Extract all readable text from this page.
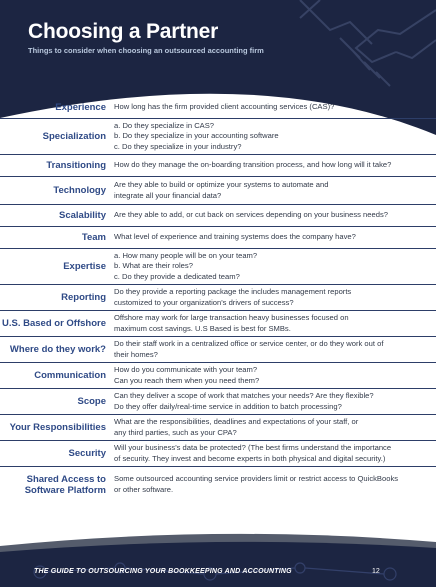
Choosing a Partner
Things to consider when choosing an outsourced accounting firm
Experience How long has the firm provided client accounting services (CAS)?
Specialization
a. Do they specialize in CAS?
b. Do they specialize in your accounting software
c. Do they specialize in your industry?
Transitioning How do they manage the on-boarding transition process, and how long will it take?
Technology
Are they able to build or optimize your systems to automate and
integrate all your financial data?
Scalability Are they able to add, or cut back on services depending on your business needs?
Team What level of experience and training systems does the company have?
Expertise
a. How many people will be on your team?
b. What are their roles?
c. Do they provide a dedicated team?
Reporting
Do they provide a reporting package the includes management reports
customized to your organization's drivers of success?
U.S. Based or Offshore
Offshore may work for large transaction heavy businesses focused on
maximum cost savings. U.S Based is best for SMBs.
Where do they work?
Do their staff work in a centralized office or service center, or do they work out of
their homes?
Communication
How do you communicate with your team?
Can you reach them when you need them?
Scope
Can they deliver a scope of work that matches your needs? Are they flexible?
Do they offer daily/real-time service in addition to batch processing?
Your Responsibilities
What are the responsibilities, deadlines and expectations of your staff, or
any third parties, such as your CPA?
Security
Will your business's data be protected? (The best firms understand the importance
of security. They invest and become experts in both physical and digital security.)
Shared Access to
Software Platform
Some outsourced accounting service providers limit or restrict access to QuickBooks
or other software.
THE GUIDE TO OUTSOURCING YOUR BOOKKEEPING AND ACCOUNTING	12
